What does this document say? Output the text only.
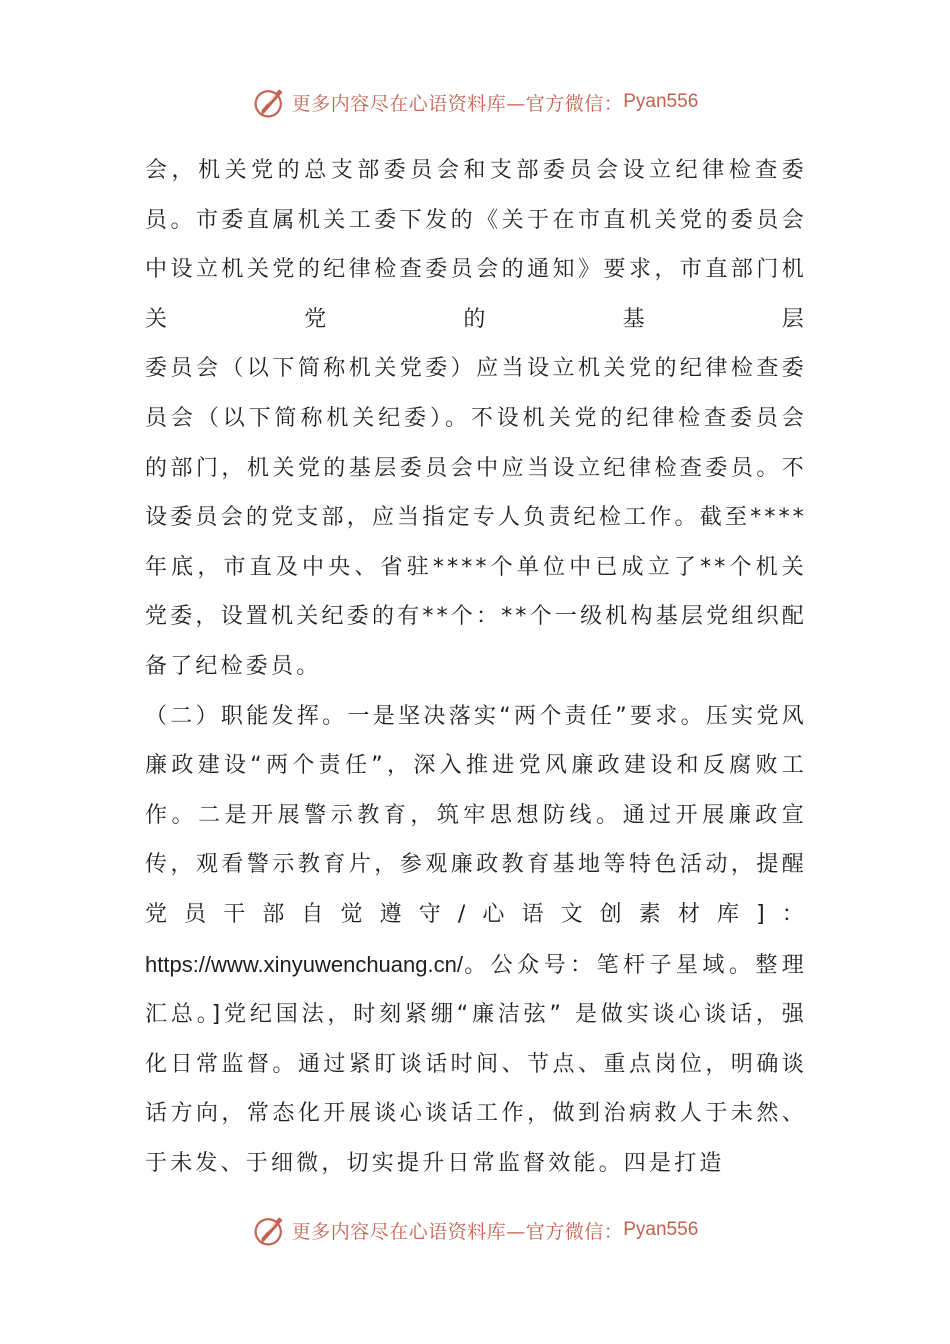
更多内容尽在心语资料库—官方微信： Pyan556

会，机关党的总支部委员会和支部委员会设立纪律检查委员。市委直属机关工委下发的《关于在市直机关党的委员会中设立机关党的纪律检查委员会的通知》要求，市直部门机关党的基层

委员会（以下简称机关党委）应当设立机关党的纪律检查委员会（以下简称机关纪委）。不设机关党的纪律检查委员会的部门，机关党的基层委员会中应当设立纪律检查委员。不设委员会的党支部，应当指定专人负责纪检工作。截至**** 年底，市直及中央、省驻****个单位中已成立了**个机关党委，设置机关纪委的有**个：**个一级机构基层党组织配备了纪检委员。

（二）职能发挥。一是坚决落实“两个责任”要求。压实党风廉政建设“两个责任”，深入推进党风廉政建设和反腐败工作。二是开展警示教育，筑牢思想防线。通过开展廉政宣传，观看警示教育片，参观廉政教育基地等特色活动，提醒党员干部自觉遵守/心语文创素材库]：https://www.xinyuwenchuang.cn/。公众号：笔杆子星域。整理汇总。]党纪国法，时刻紧绷“廉洁弦” 是做实谈心谈话，强化日常监督。通过紧盯谈话时间、节点、重点岗位，明确谈话方向，常态化开展谈心谈话工作，做到治病救人于未然、于未发、于细微，切实提升日常监督效能。四是打造

更多内容尽在心语资料库—官方微信： Pyan556
